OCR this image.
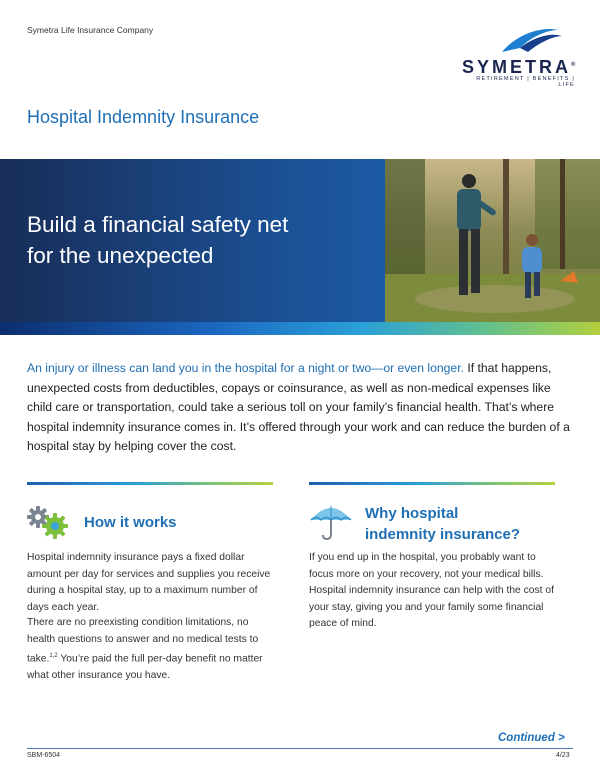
Symetra Life Insurance Company
SYMETRA®
RETIREMENT | BENEFITS | LIFE
Hospital Indemnity Insurance
Build a financial safety net
for the unexpected
An injury or illness can land you in the hospital for a night or two—or even longer. If that happens, unexpected costs from deductibles, copays or coinsurance, as well as non-medical expenses like child care or transportation, could take a serious toll on your family’s financial health. That’s where hospital indemnity insurance comes in. It’s offered through your work and can reduce the burden of a hospital stay by helping cover the cost.
How it works
Why hospital
indemnity insurance?

Hospital indemnity insurance pays a fixed dollar amount per day for services and supplies you receive during a hospital stay, up to a maximum number of days each year.

There are no preexisting condition limitations, no health questions to answer and no medical tests to take.$^{1,2}$ You’re paid the full per-day benefit no matter what other insurance you have.

If you end up in the hospital, you probably want to focus more on your recovery, not your medical bills. Hospital indemnity insurance can help with the cost of your stay, giving you and your family some financial peace of mind.

Continued >
SBM-6504	4/23
